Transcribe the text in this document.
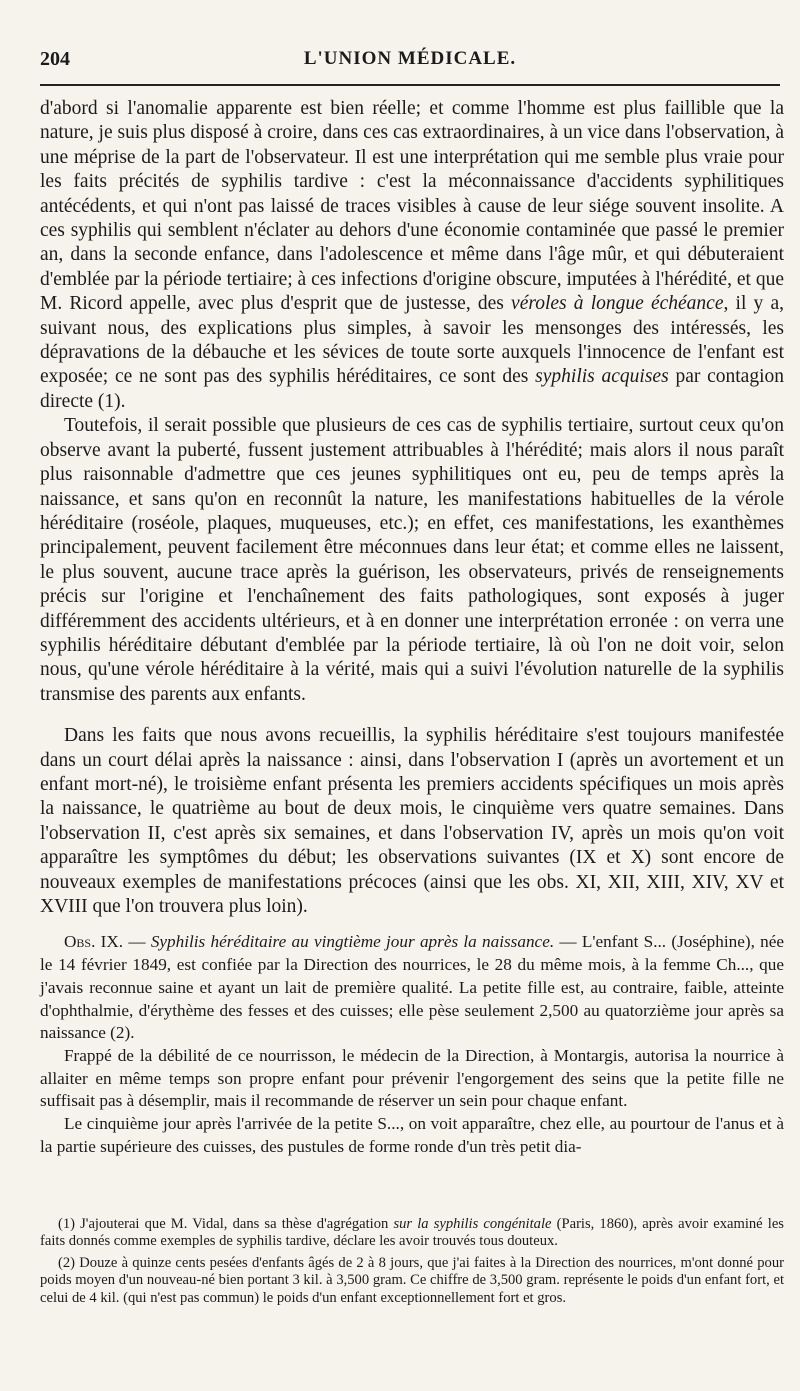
204	L'UNION MÉDICALE.

d'abord si l'anomalie apparente est bien réelle; et comme l'homme est plus faillible que la nature, je suis plus disposé à croire, dans ces cas extraordinaires, à un vice dans l'observation, à une méprise de la part de l'observateur. Il est une interprétation qui me semble plus vraie pour les faits précités de syphilis tardive : c'est la méconnaissance d'accidents syphilitiques antécédents, et qui n'ont pas laissé de traces visibles à cause de leur siége souvent insolite. A ces syphilis qui semblent n'éclater au dehors d'une économie contaminée que passé le premier an, dans la seconde enfance, dans l'adolescence et même dans l'âge mûr, et qui débuteraient d'emblée par la période tertiaire; à ces infections d'origine obscure, imputées à l'hérédité, et que M. Ricord appelle, avec plus d'esprit que de justesse, des véroles à longue échéance, il y a, suivant nous, des explications plus simples, à savoir les mensonges des intéressés, les dépravations de la débauche et les sévices de toute sorte auxquels l'innocence de l'enfant est exposée; ce ne sont pas des syphilis héréditaires, ce sont des syphilis acquises par contagion directe (1).

Toutefois, il serait possible que plusieurs de ces cas de syphilis tertiaire, surtout ceux qu'on observe avant la puberté, fussent justement attribuables à l'hérédité; mais alors il nous paraît plus raisonnable d'admettre que ces jeunes syphilitiques ont eu, peu de temps après la naissance, et sans qu'on en reconnût la nature, les manifestations habituelles de la vérole héréditaire (roséole, plaques, muqueuses, etc.); en effet, ces manifestations, les exanthèmes principalement, peuvent facilement être méconnues dans leur état; et comme elles ne laissent, le plus souvent, aucune trace après la guérison, les observateurs, privés de renseignements précis sur l'origine et l'enchaînement des faits pathologiques, sont exposés à juger différemment des accidents ultérieurs, et à en donner une interprétation erronée : on verra une syphilis héréditaire débutant d'emblée par la période tertiaire, là où l'on ne doit voir, selon nous, qu'une vérole héréditaire à la vérité, mais qui a suivi l'évolution naturelle de la syphilis transmise des parents aux enfants.

Dans les faits que nous avons recueillis, la syphilis héréditaire s'est toujours manifestée dans un court délai après la naissance : ainsi, dans l'observation I (après un avortement et un enfant mort-né), le troisième enfant présenta les premiers accidents spécifiques un mois après la naissance, le quatrième au bout de deux mois, le cinquième vers quatre semaines. Dans l'observation II, c'est après six semaines, et dans l'observation IV, après un mois qu'on voit apparaître les symptômes du début; les observations suivantes (IX et X) sont encore de nouveaux exemples de manifestations précoces (ainsi que les obs. XI, XII, XIII, XIV, XV et XVIII que l'on trouvera plus loin).

Obs. IX. — Syphilis héréditaire au vingtième jour après la naissance. — L'enfant S... (Joséphine), née le 14 février 1849, est confiée par la Direction des nourrices, le 28 du même mois, à la femme Ch..., que j'avais reconnue saine et ayant un lait de première qualité. La petite fille est, au contraire, faible, atteinte d'ophthalmie, d'érythème des fesses et des cuisses; elle pèse seulement 2,500 au quatorzième jour après sa naissance (2).

Frappé de la débilité de ce nourrisson, le médecin de la Direction, à Montargis, autorisa la nourrice à allaiter en même temps son propre enfant pour prévenir l'engorgement des seins que la petite fille ne suffisait pas à désemplir, mais il recommande de réserver un sein pour chaque enfant.

Le cinquième jour après l'arrivée de la petite S..., on voit apparaître, chez elle, au pourtour de l'anus et à la partie supérieure des cuisses, des pustules de forme ronde d'un très petit dia-

(1) J'ajouterai que M. Vidal, dans sa thèse d'agrégation sur la syphilis congénitale (Paris, 1860), après avoir examiné les faits donnés comme exemples de syphilis tardive, déclare les avoir trouvés tous douteux.

(2) Douze à quinze cents pesées d'enfants âgés de 2 à 8 jours, que j'ai faites à la Direction des nourrices, m'ont donné pour poids moyen d'un nouveau-né bien portant 3 kil. à 3,500 gram. Ce chiffre de 3,500 gram. représente le poids d'un enfant fort, et celui de 4 kil. (qui n'est pas commun) le poids d'un enfant exceptionnellement fort et gros.
